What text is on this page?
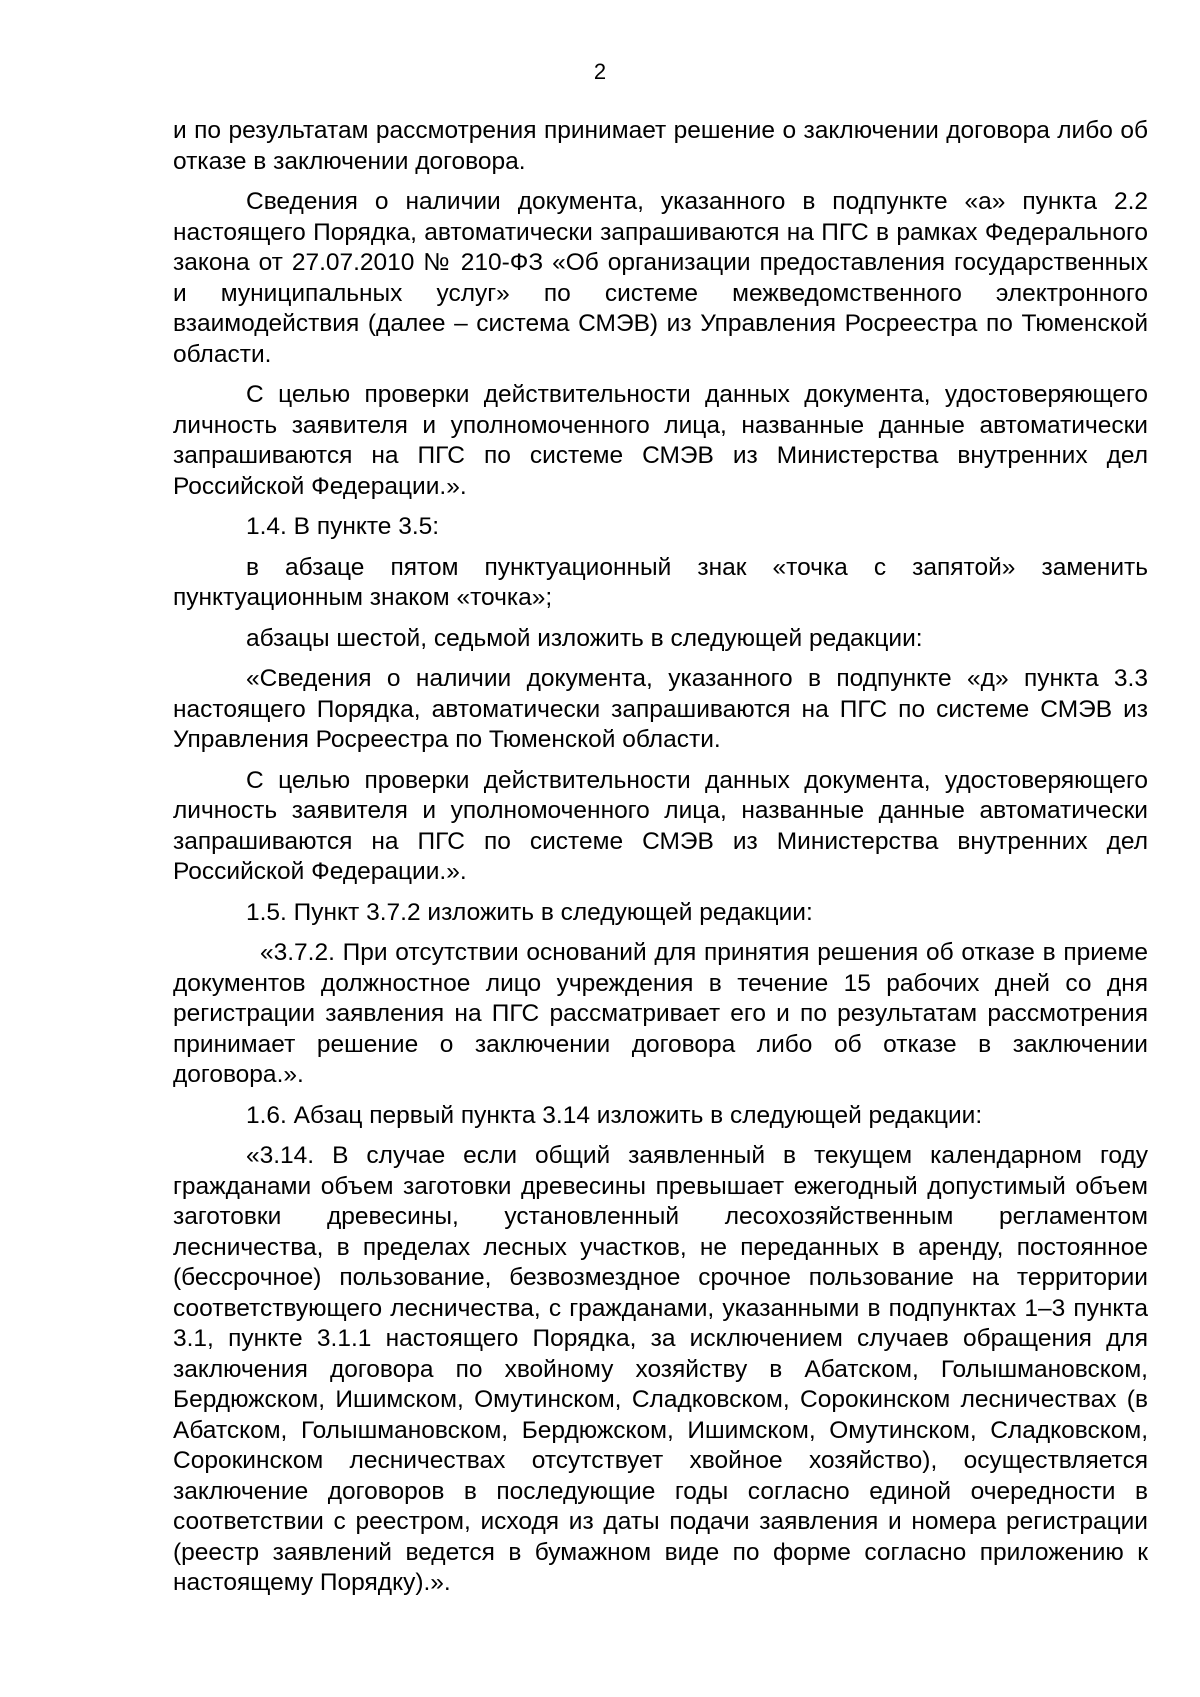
2

и по результатам рассмотрения принимает решение о заключении договора либо об отказе в заключении договора.

Сведения о наличии документа, указанного в подпункте «а» пункта 2.2 настоящего Порядка, автоматически запрашиваются на ПГС в рамках Федерального закона от 27.07.2010 № 210-ФЗ «Об организации предоставления государственных и муниципальных услуг» по системе межведомственного электронного взаимодействия (далее – система СМЭВ) из Управления Росреестра по Тюменской области.

С целью проверки действительности данных документа, удостоверяющего личность заявителя и уполномоченного лица, названные данные автоматически запрашиваются на ПГС по системе СМЭВ из Министерства внутренних дел Российской Федерации.».

1.4. В пункте 3.5:

в абзаце пятом пунктуационный знак «точка с запятой» заменить пунктуационным знаком «точка»;

абзацы шестой, седьмой изложить в следующей редакции:

«Сведения о наличии документа, указанного в подпункте «д» пункта 3.3 настоящего Порядка, автоматически запрашиваются на ПГС по системе СМЭВ из Управления Росреестра по Тюменской области.

С целью проверки действительности данных документа, удостоверяющего личность заявителя и уполномоченного лица, названные данные автоматически запрашиваются на ПГС по системе СМЭВ из Министерства внутренних дел Российской Федерации.».

1.5. Пункт 3.7.2 изложить в следующей редакции:

«3.7.2. При отсутствии оснований для принятия решения об отказе в приеме документов должностное лицо учреждения в течение 15 рабочих дней со дня регистрации заявления на ПГС рассматривает его и по результатам рассмотрения принимает решение о заключении договора либо об отказе в заключении договора.».

1.6. Абзац первый пункта 3.14 изложить в следующей редакции:

«3.14. В случае если общий заявленный в текущем календарном году гражданами объем заготовки древесины превышает ежегодный допустимый объем заготовки древесины, установленный лесохозяйственным регламентом лесничества, в пределах лесных участков, не переданных в аренду, постоянное (бессрочное) пользование, безвозмездное срочное пользование на территории соответствующего лесничества, с гражданами, указанными в подпунктах 1–3 пункта 3.1, пункте 3.1.1 настоящего Порядка, за исключением случаев обращения для заключения договора по хвойному хозяйству в Абатском, Голышмановском, Бердюжском, Ишимском, Омутинском, Сладковском, Сорокинском лесничествах (в Абатском, Голышмановском, Бердюжском, Ишимском, Омутинском, Сладковском, Сорокинском лесничествах отсутствует хвойное хозяйство), осуществляется заключение договоров в последующие годы согласно единой очередности в соответствии с реестром, исходя из даты подачи заявления и номера регистрации (реестр заявлений ведется в бумажном виде по форме согласно приложению к настоящему Порядку).».
